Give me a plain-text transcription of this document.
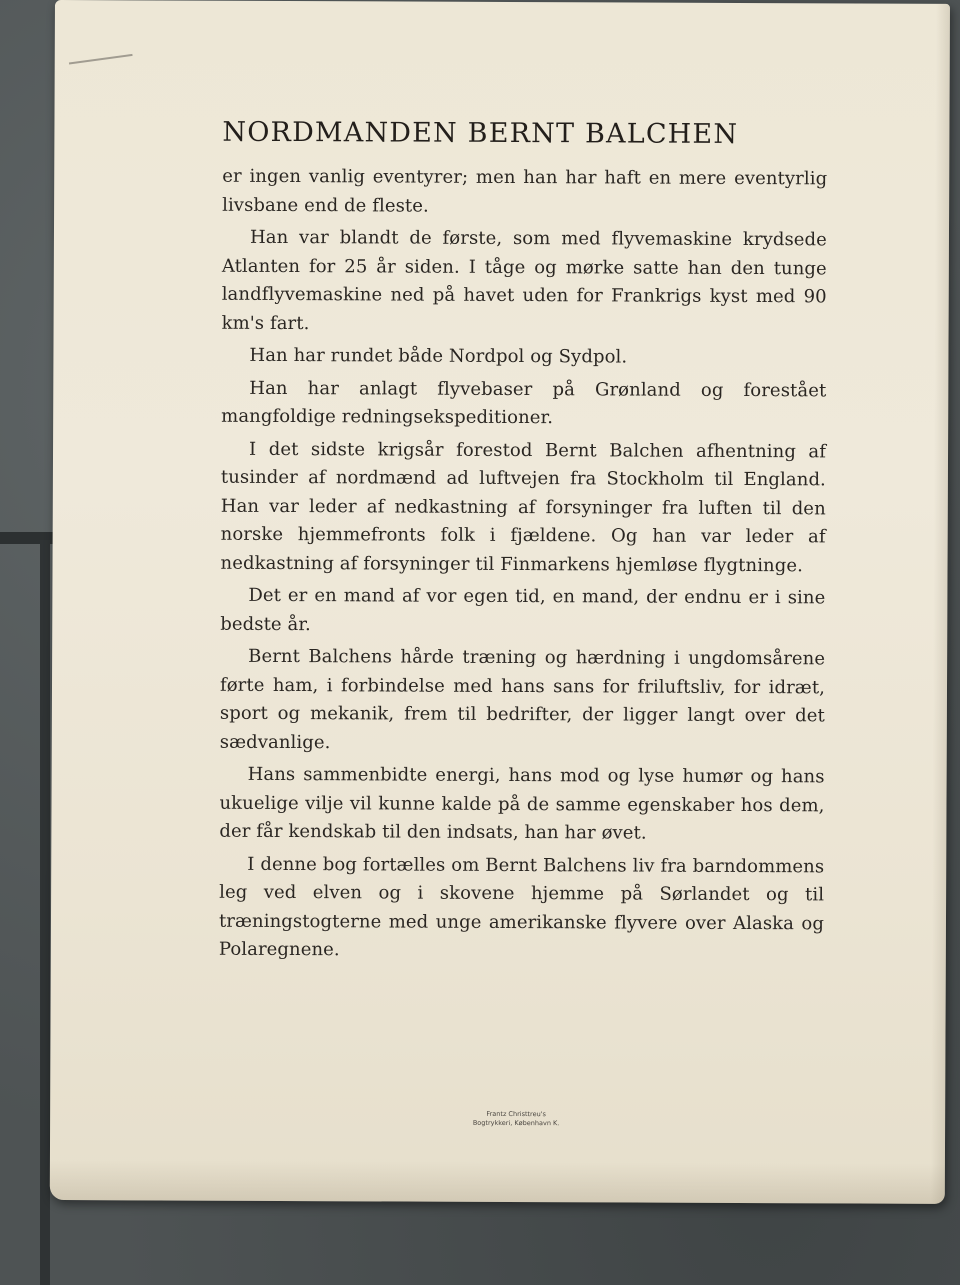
NORDMANDEN BERNT BALCHEN

er ingen vanlig eventyrer; men han har haft en mere eventyrlig livsbane end de fleste.

Han var blandt de første, som med flyvemaskine krydsede Atlanten for 25 år siden. I tåge og mørke satte han den tunge landflyvemaskine ned på havet uden for Frankrigs kyst med 90 km's fart.

Han har rundet både Nordpol og Sydpol.

Han har anlagt flyvebaser på Grønland og forestået mangfoldige redningsekspeditioner.

I det sidste krigsår forestod Bernt Balchen afhentning af tusinder af nordmænd ad luftvejen fra Stockholm til England. Han var leder af nedkastning af forsyninger fra luften til den norske hjemmefronts folk i fjældene. Og han var leder af nedkastning af forsyninger til Finmarkens hjemløse flygtninge.

Det er en mand af vor egen tid, en mand, der endnu er i sine bedste år.

Bernt Balchens hårde træning og hærdning i ungdomsårene førte ham, i forbindelse med hans sans for friluftsliv, for idræt, sport og mekanik, frem til bedrifter, der ligger langt over det sædvanlige.

Hans sammenbidte energi, hans mod og lyse humør og hans ukuelige vilje vil kunne kalde på de samme egenskaber hos dem, der får kendskab til den indsats, han har øvet.

I denne bog fortælles om Bernt Balchens liv fra barndommens leg ved elven og i skovene hjemme på Sørlandet og til træningstogterne med unge amerikanske flyvere over Alaska og Polaregnene.

Frantz Christtreu's
Bogtrykkeri, København K.
